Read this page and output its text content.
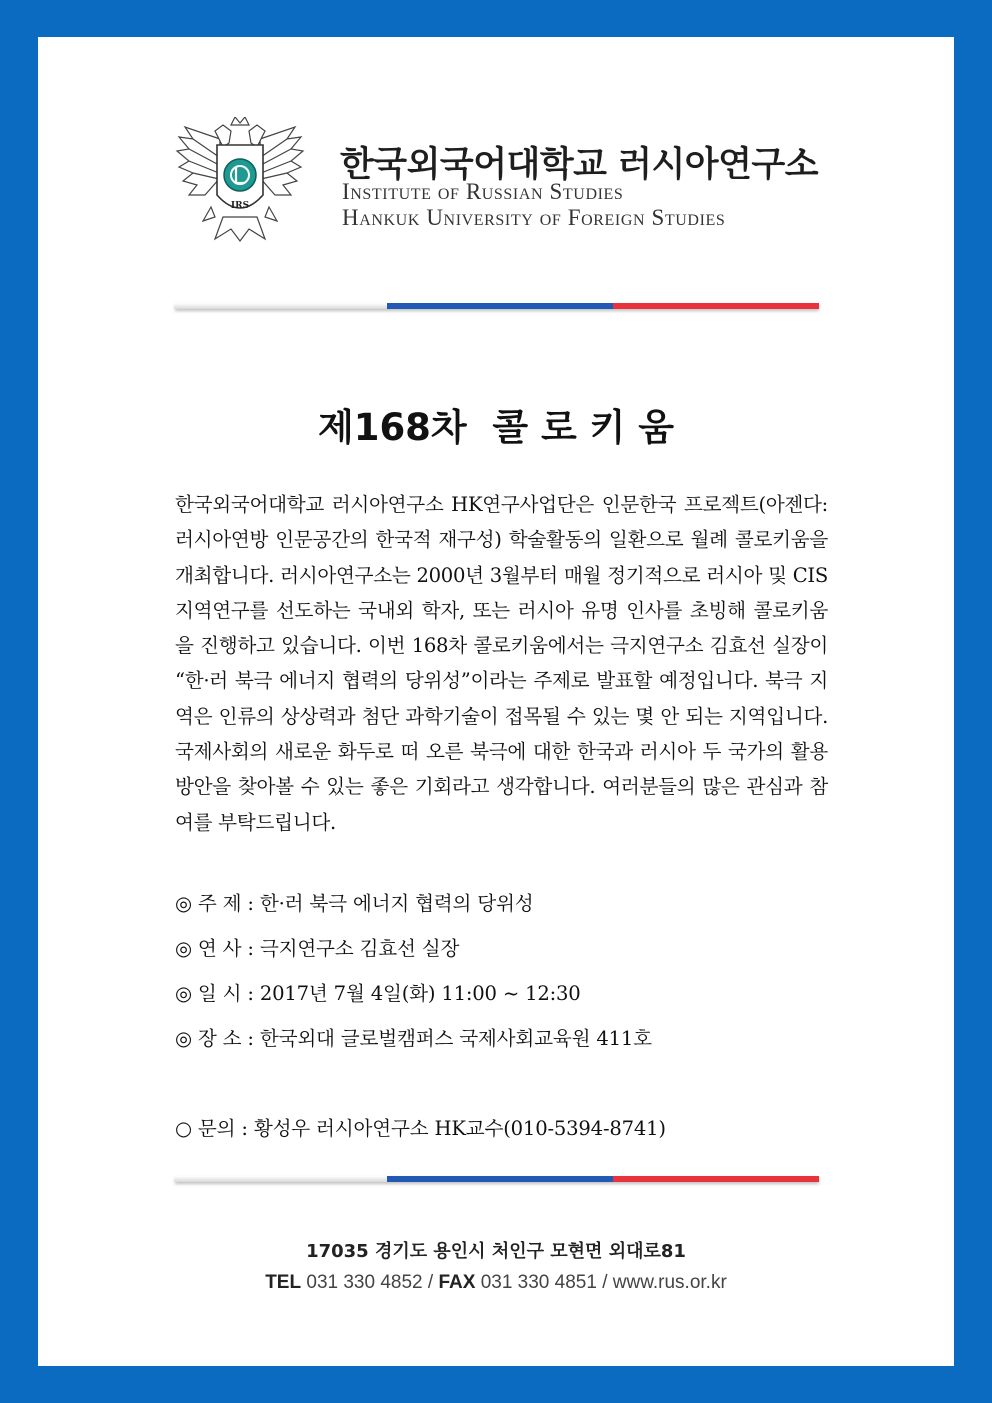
IRS
한국외국어대학교 러시아연구소
Institute of Russian Studies
Hankuk University of Foreign Studies
제168차  콜 로 키 움
한국외국어대학교 러시아연구소 HK연구사업단은 인문한국 프로젝트(아젠다: 러시아연방 인문공간의 한국적 재구성) 학술활동의 일환으로 월례 콜로키움을 개최합니다. 러시아연구소는 2000년 3월부터 매월 정기적으로 러시아 및 CIS 지역연구를 선도하는 국내외 학자, 또는 러시아 유명 인사를 초빙해 콜로키움을 진행하고 있습니다. 이번 168차 콜로키움에서는 극지연구소 김효선 실장이 “한·러 북극 에너지 협력의 당위성”이라는 주제로 발표할 예정입니다. 북극 지역은 인류의 상상력과 첨단 과학기술이 접목될 수 있는 몇 안 되는 지역입니다. 국제사회의 새로운 화두로 떠 오른 북극에 대한 한국과 러시아 두 국가의 활용방안을 찾아볼 수 있는 좋은 기회라고 생각합니다. 여러분들의 많은 관심과 참여를 부탁드립니다.
◎ 주 제 : 한·러 북극 에너지 협력의 당위성
◎ 연 사 : 극지연구소 김효선 실장
◎ 일 시 : 2017년 7월 4일(화) 11:00 ~ 12:30
◎ 장 소 : 한국외대 글로벌캠퍼스 국제사회교육원 411호
○ 문의 : 황성우 러시아연구소 HK교수(010-5394-8741)
17035 경기도 용인시 처인구 모현면 외대로81
TEL 031 330 4852 / FAX 031 330 4851 / www.rus.or.kr
